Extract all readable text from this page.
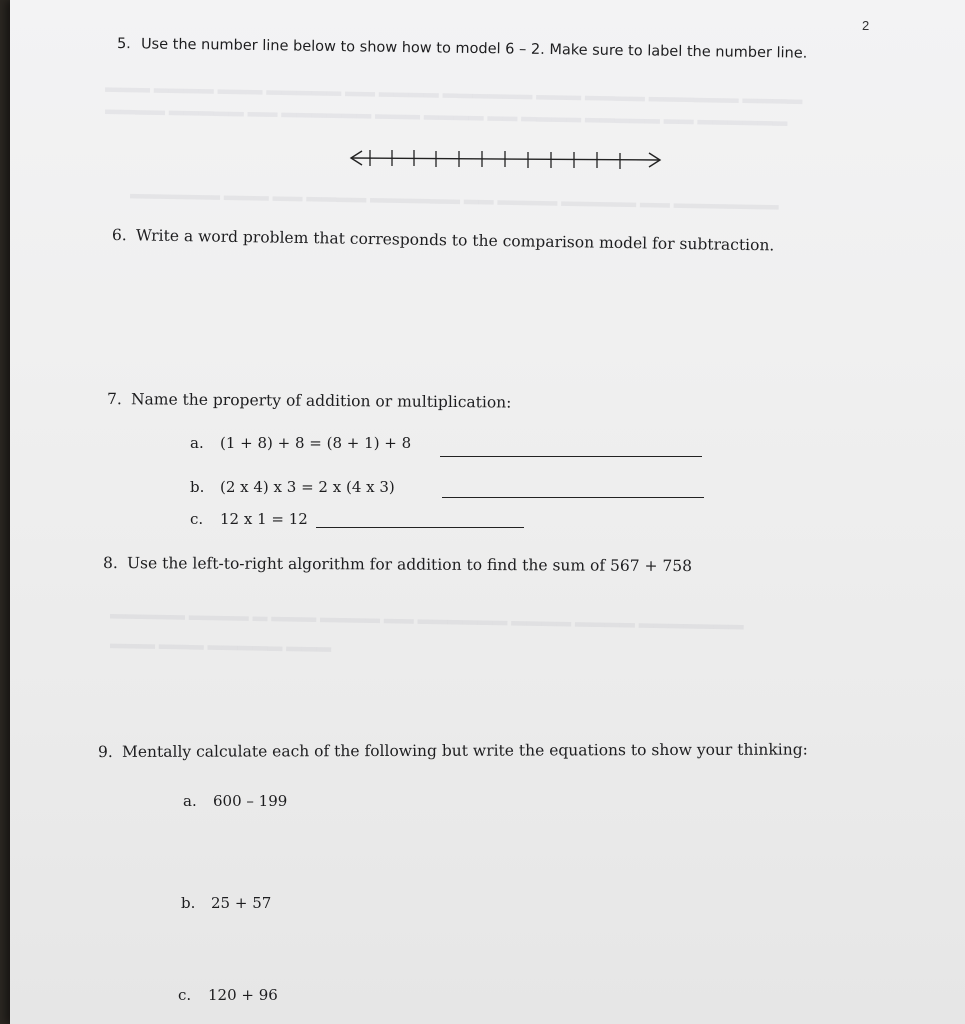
▬▬▬ ▬▬▬▬ ▬▬▬ ▬▬▬▬▬ ▬▬ ▬▬▬▬ ▬▬▬▬▬▬ ▬▬▬ ▬▬▬▬ ▬▬▬▬▬▬ ▬▬▬▬
▬▬▬▬ ▬▬▬▬▬ ▬▬ ▬▬▬▬▬▬ ▬▬▬ ▬▬▬▬ ▬▬ ▬▬▬▬ ▬▬▬▬▬ ▬▬ ▬▬▬▬▬▬
▬▬▬▬▬▬ ▬▬▬ ▬▬ ▬▬▬▬ ▬▬▬▬▬▬ ▬▬ ▬▬▬▬ ▬▬▬▬▬ ▬▬ ▬▬▬▬▬▬▬
▬▬▬▬▬ ▬▬▬▬ ▬ ▬▬▬ ▬▬▬▬ ▬▬ ▬▬▬▬▬▬ ▬▬▬▬ ▬▬▬▬ ▬▬▬▬▬▬▬
▬▬▬ ▬▬▬ ▬▬▬▬▬ ▬▬▬
2
5. Use the number line below to show how to model 6 – 2. Make sure to label the number line.
6. Write a word problem that corresponds to the comparison model for subtraction.
7. Name the property of addition or multiplication:
a. (1 + 8) + 8 = (8 + 1) + 8
b. (2 x 4) x 3 = 2 x (4 x 3)
c. 12 x 1 = 12
8. Use the left-to-right algorithm for addition to find the sum of 567 + 758
9. Mentally calculate each of the following but write the equations to show your thinking:
a. 600 – 199
b. 25 + 57
c. 120 + 96
